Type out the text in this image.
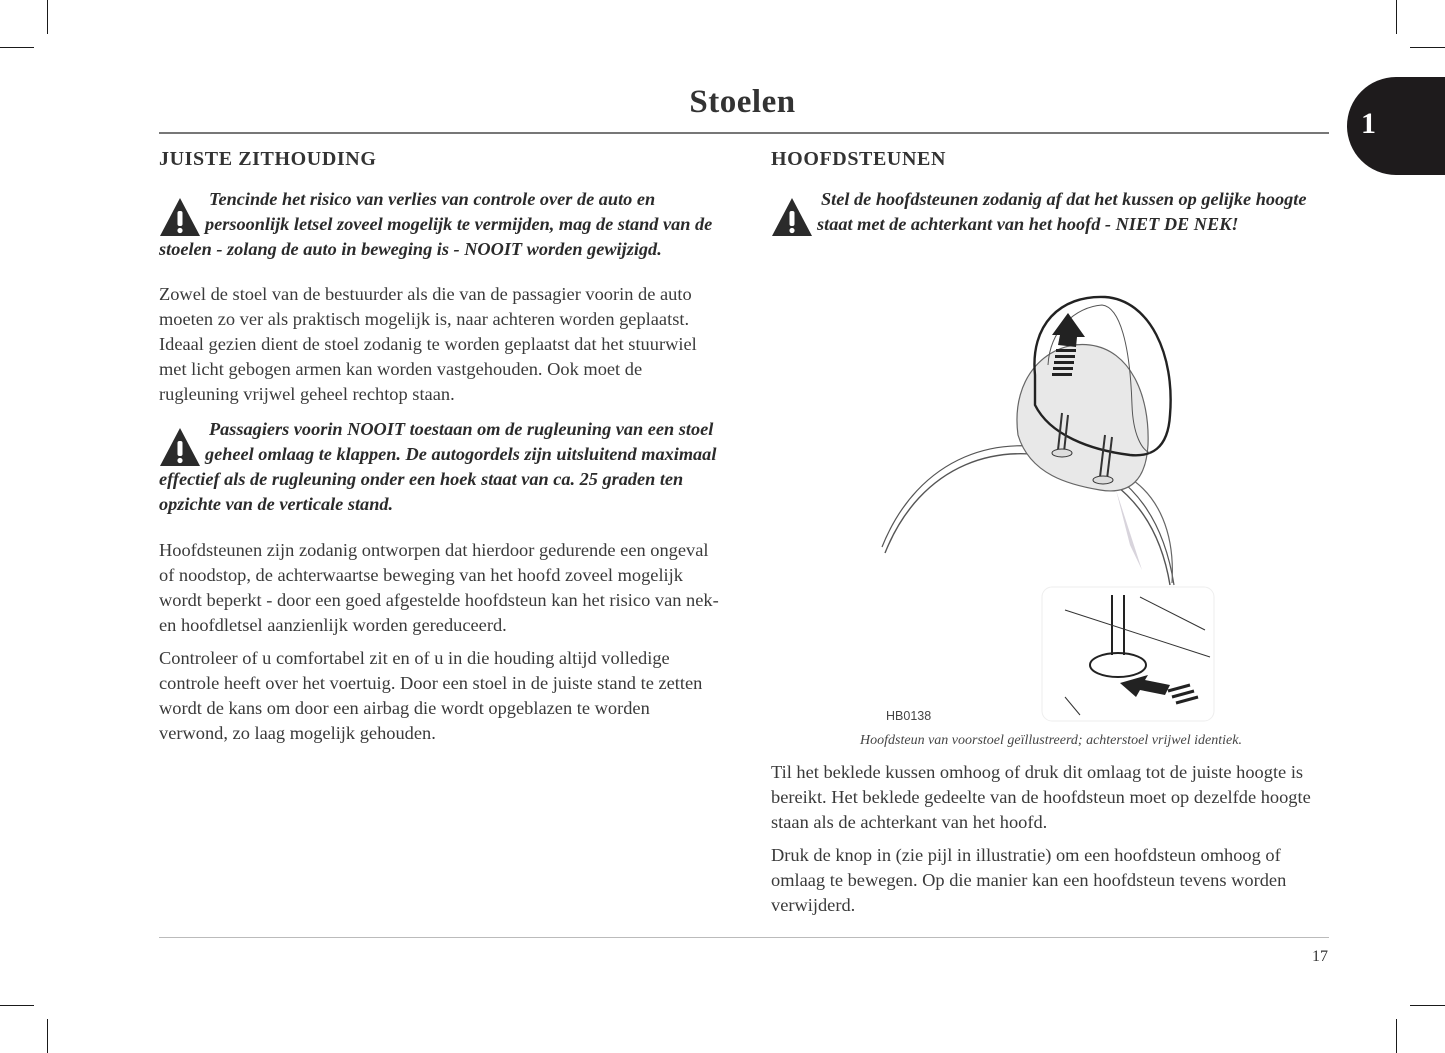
Stoelen
1
JUISTE ZITHOUDING
Tencinde het risico van verlies van controle over de auto en persoonlijk letsel zoveel mogelijk te vermijden, mag de stand van de stoelen - zolang de auto in beweging is - NOOIT worden gewijzigd.

Zowel de stoel van de bestuurder als die van de passagier voorin de auto moeten zo ver als praktisch mogelijk is, naar achteren worden geplaatst. Ideaal gezien dient de stoel zodanig te worden geplaatst dat het stuurwiel met licht gebogen armen kan worden vastgehouden. Ook moet de rugleuning vrijwel geheel rechtop staan.

Passagiers voorin NOOIT toestaan om de rugleuning van een stoel geheel omlaag te klappen. De autogordels zijn uitsluitend maximaal effectief als de rugleuning onder een hoek staat van ca. 25 graden ten opzichte van de verticale stand.

Hoofdsteunen zijn zodanig ontworpen dat hierdoor gedurende een ongeval of noodstop, de achterwaartse beweging van het hoofd zoveel mogelijk wordt beperkt - door een goed afgestelde hoofdsteun kan het risico van nek- en hoofdletsel aanzienlijk worden gereduceerd.

Controleer of u comfortabel zit en of u in die houding altijd volledige controle heeft over het voertuig. Door een stoel in de juiste stand te zetten wordt de kans om door een airbag die wordt opgeblazen te worden verwond, zo laag mogelijk gehouden.

HOOFDSTEUNEN
Stel de hoofdsteunen zodanig af dat het kussen op gelijke hoogte staat met de achterkant van het hoofd - NIET DE NEK!
HB0138
Hoofdsteun van voorstoel geïllustreerd; achterstoel vrijwel identiek.

Til het beklede kussen omhoog of druk dit omlaag tot de juiste hoogte is bereikt. Het beklede gedeelte van de hoofdsteun moet op dezelfde hoogte staan als de achterkant van het hoofd.

Druk de knop in (zie pijl in illustratie) om een hoofdsteun omhoog of omlaag te bewegen. Op die manier kan een hoofdsteun tevens worden verwijderd.

17
